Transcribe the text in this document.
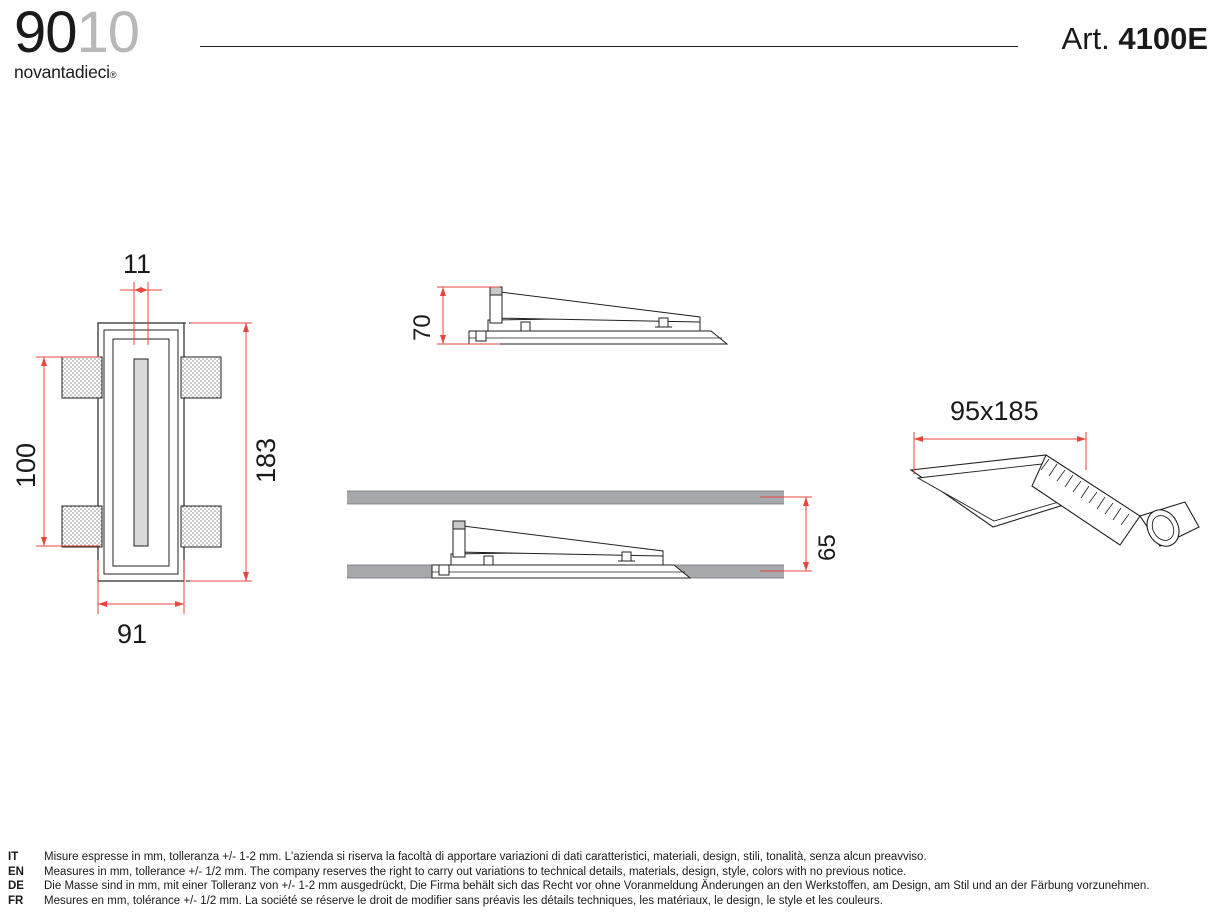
9010
novantadieci®
Art. 4100E
11
100	183
91
70
65
95x185
IT	Misure espresse in mm, tolleranza +/- 1-2 mm. L'azienda si riserva la facoltà di apportare variazioni di dati caratteristici, materiali, design, stili, tonalità, senza alcun preavviso.
EN	Measures in mm, tollerance +/- 1/2 mm. The company reserves the right to carry out variations to technical details, materials, design, style, colors with no previous notice.
DE	Die Masse sind in mm, mit einer Tolleranz von +/- 1-2 mm ausgedrückt, Die Firma behält sich das Recht vor ohne Voranmeldung Änderungen an den Werkstoffen, am Design, am Stil und an der Färbung vorzunehmen.
FR	Mesures en mm, tolérance +/- 1/2 mm. La société se réserve le droit de modifier sans préavis les détails techniques, les matériaux, le design, le style et les couleurs.
